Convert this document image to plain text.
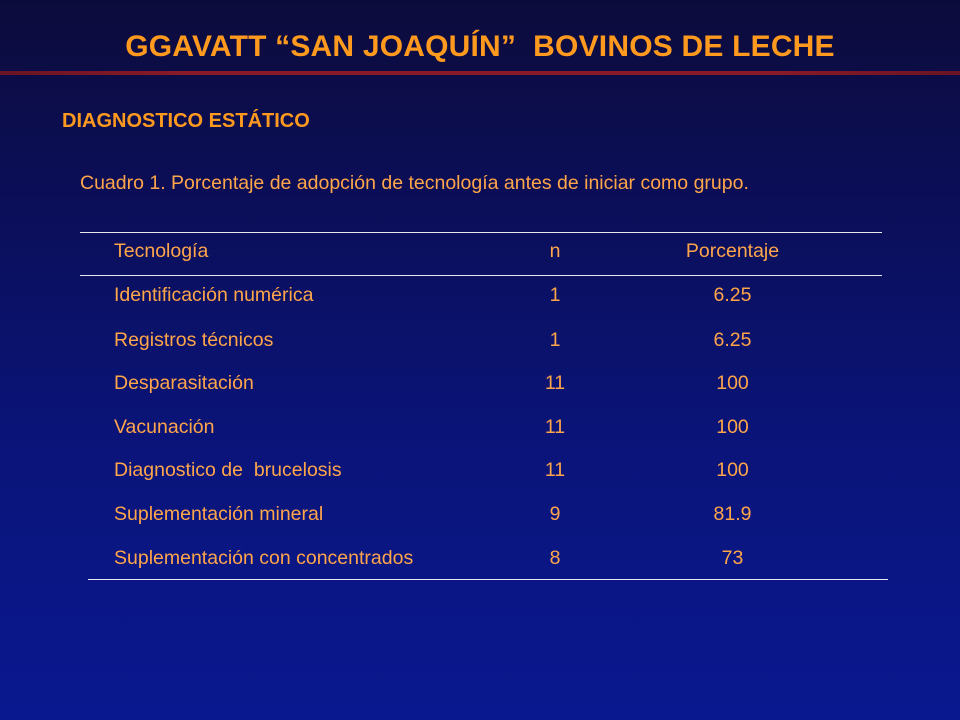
GGAVATT “SAN JOAQUÍN”  BOVINOS DE LECHE
DIAGNOSTICO ESTÁTICO
Cuadro 1. Porcentaje de adopción de tecnología antes de iniciar como grupo.
Tecnología	n	Porcentaje
Identificación numérica	1	6.25
Registros técnicos	1	6.25
Desparasitación	11	100
Vacunación	11	100
Diagnostico de  brucelosis	11	100
Suplementación mineral	9	81.9
Suplementación con concentrados	8	73
